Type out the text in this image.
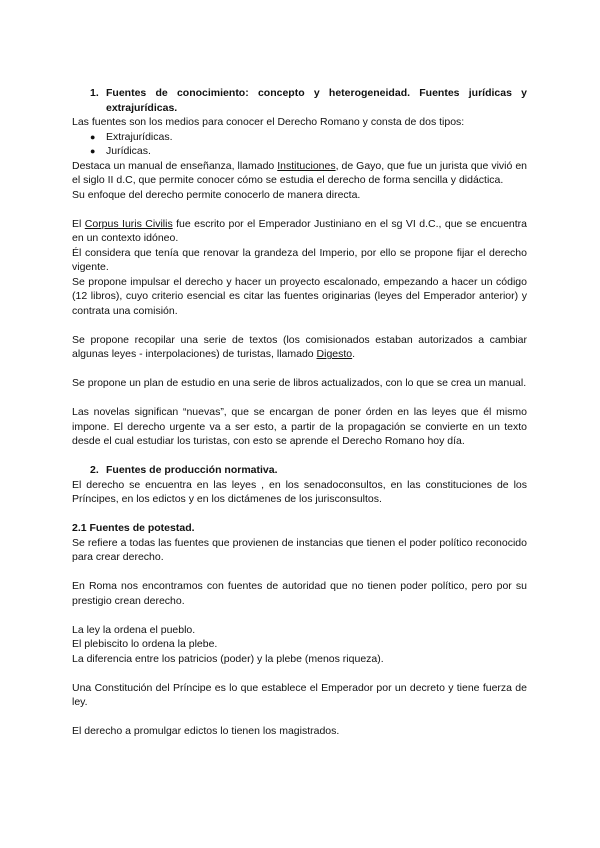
1. Fuentes de conocimiento: concepto y heterogeneidad. Fuentes jurídicas y extrajurídicas.

Las fuentes son los medios para conocer el Derecho Romano y consta de dos tipos:

●	Extrajurídicas.
●	Jurídicas.

Destaca un manual de enseñanza, llamado Instituciones, de Gayo, que fue un jurista que vivió en el siglo II d.C, que permite conocer cómo se estudia el derecho de forma sencilla y didáctica.

Su enfoque del derecho permite conocerlo de manera directa.

El Corpus Iuris Civilis fue escrito por el Emperador Justiniano en el sg VI d.C., que se encuentra en un contexto idóneo.

Él considera que tenía que renovar la grandeza del Imperio, por ello se propone fijar el derecho vigente.

Se propone impulsar el derecho y hacer un proyecto escalonado, empezando a hacer un código (12 libros), cuyo criterio esencial es citar las fuentes originarias (leyes del Emperador anterior) y contrata una comisión.

Se propone recopilar una serie de textos (los comisionados estaban autorizados a cambiar algunas leyes - interpolaciones) de turistas, llamado Digesto.

Se propone un plan de estudio en una serie de libros actualizados, con lo que se crea un manual.

Las novelas significan “nuevas”, que se encargan de poner órden en las leyes que él mismo impone. El derecho urgente va a ser esto, a partir de la propagación se convierte en un texto desde el cual estudiar los turistas, con esto se aprende el Derecho Romano hoy día.

2. Fuentes de producción normativa.

El derecho se encuentra en las leyes , en los senadoconsultos, en las constituciones de los Príncipes, en los edictos y en los dictámenes de los jurisconsultos.

2.1 Fuentes de potestad.

Se refiere a todas las fuentes que provienen de instancias que tienen el poder político reconocido para crear derecho.

En Roma nos encontramos con fuentes de autoridad que no tienen poder político, pero por su prestigio crean derecho.

La ley la ordena el pueblo.

El plebiscito lo ordena la plebe.

La diferencia entre los patricios (poder) y la plebe (menos riqueza).

Una Constitución del Príncipe es lo que establece el Emperador por un decreto y tiene fuerza de ley.

El derecho a promulgar edictos lo tienen los magistrados.
